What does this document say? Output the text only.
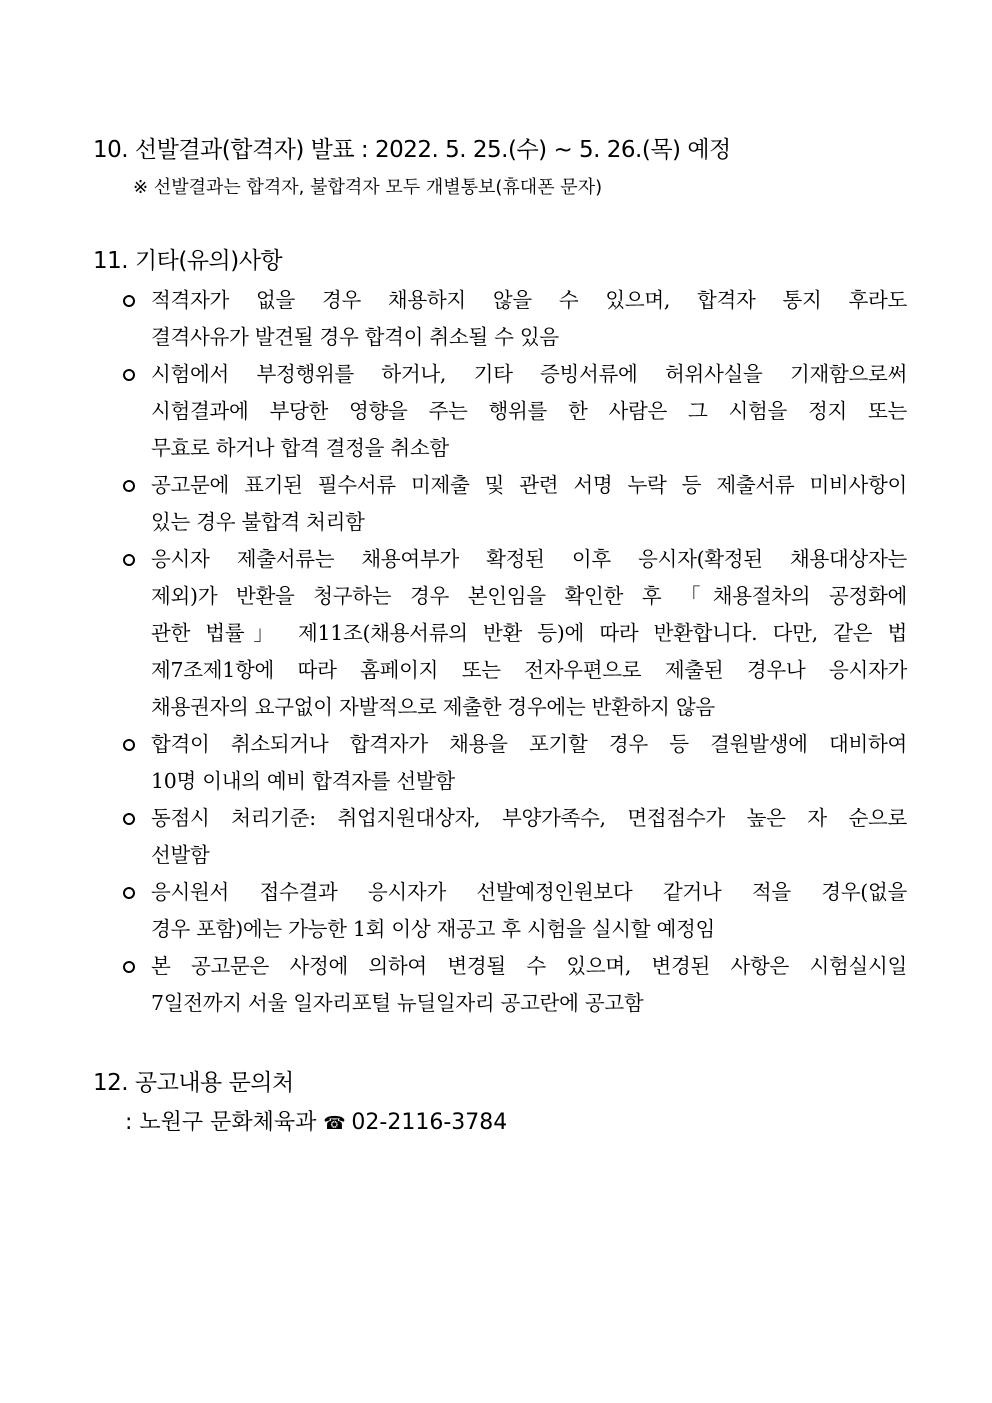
10. 선발결과(합격자) 발표 : 2022. 5. 25.(수) ~ 5. 26.(목) 예정
※ 선발결과는 합격자, 불합격자 모두 개별통보(휴대폰 문자)
11. 기타(유의)사항
적격자가 없을 경우 채용하지 않을 수 있으며, 합격자 통지 후라도
결격사유가 발견될 경우 합격이 취소될 수 있음
시험에서 부정행위를 하거나, 기타 증빙서류에 허위사실을 기재함으로써
시험결과에 부당한 영향을 주는 행위를 한 사람은 그 시험을 정지 또는
무효로 하거나 합격 결정을 취소함
공고문에 표기된 필수서류 미제출 및 관련 서명 누락 등 제출서류 미비사항이
있는 경우 불합격 처리함
응시자 제출서류는 채용여부가 확정된 이후 응시자(확정된 채용대상자는
제외)가 반환을 청구하는 경우 본인임을 확인한 후 「채용절차의 공정화에
관한 법률」 제11조(채용서류의 반환 등)에 따라 반환합니다. 다만, 같은 법
제7조제1항에 따라 홈페이지 또는 전자우편으로 제출된 경우나 응시자가
채용권자의 요구없이 자발적으로 제출한 경우에는 반환하지 않음
합격이 취소되거나 합격자가 채용을 포기할 경우 등 결원발생에 대비하여
10명 이내의 예비 합격자를 선발함
동점시 처리기준: 취업지원대상자, 부양가족수, 면접점수가 높은 자 순으로
선발함
응시원서 접수결과 응시자가 선발예정인원보다 같거나 적을 경우(없을
경우 포함)에는 가능한 1회 이상 재공고 후 시험을 실시할 예정임
본 공고문은 사정에 의하여 변경될 수 있으며, 변경된 사항은 시험실시일
7일전까지 서울 일자리포털 뉴딜일자리 공고란에 공고함
12. 공고내용 문의처
: 노원구 문화체육과 ☎ 02-2116-3784
